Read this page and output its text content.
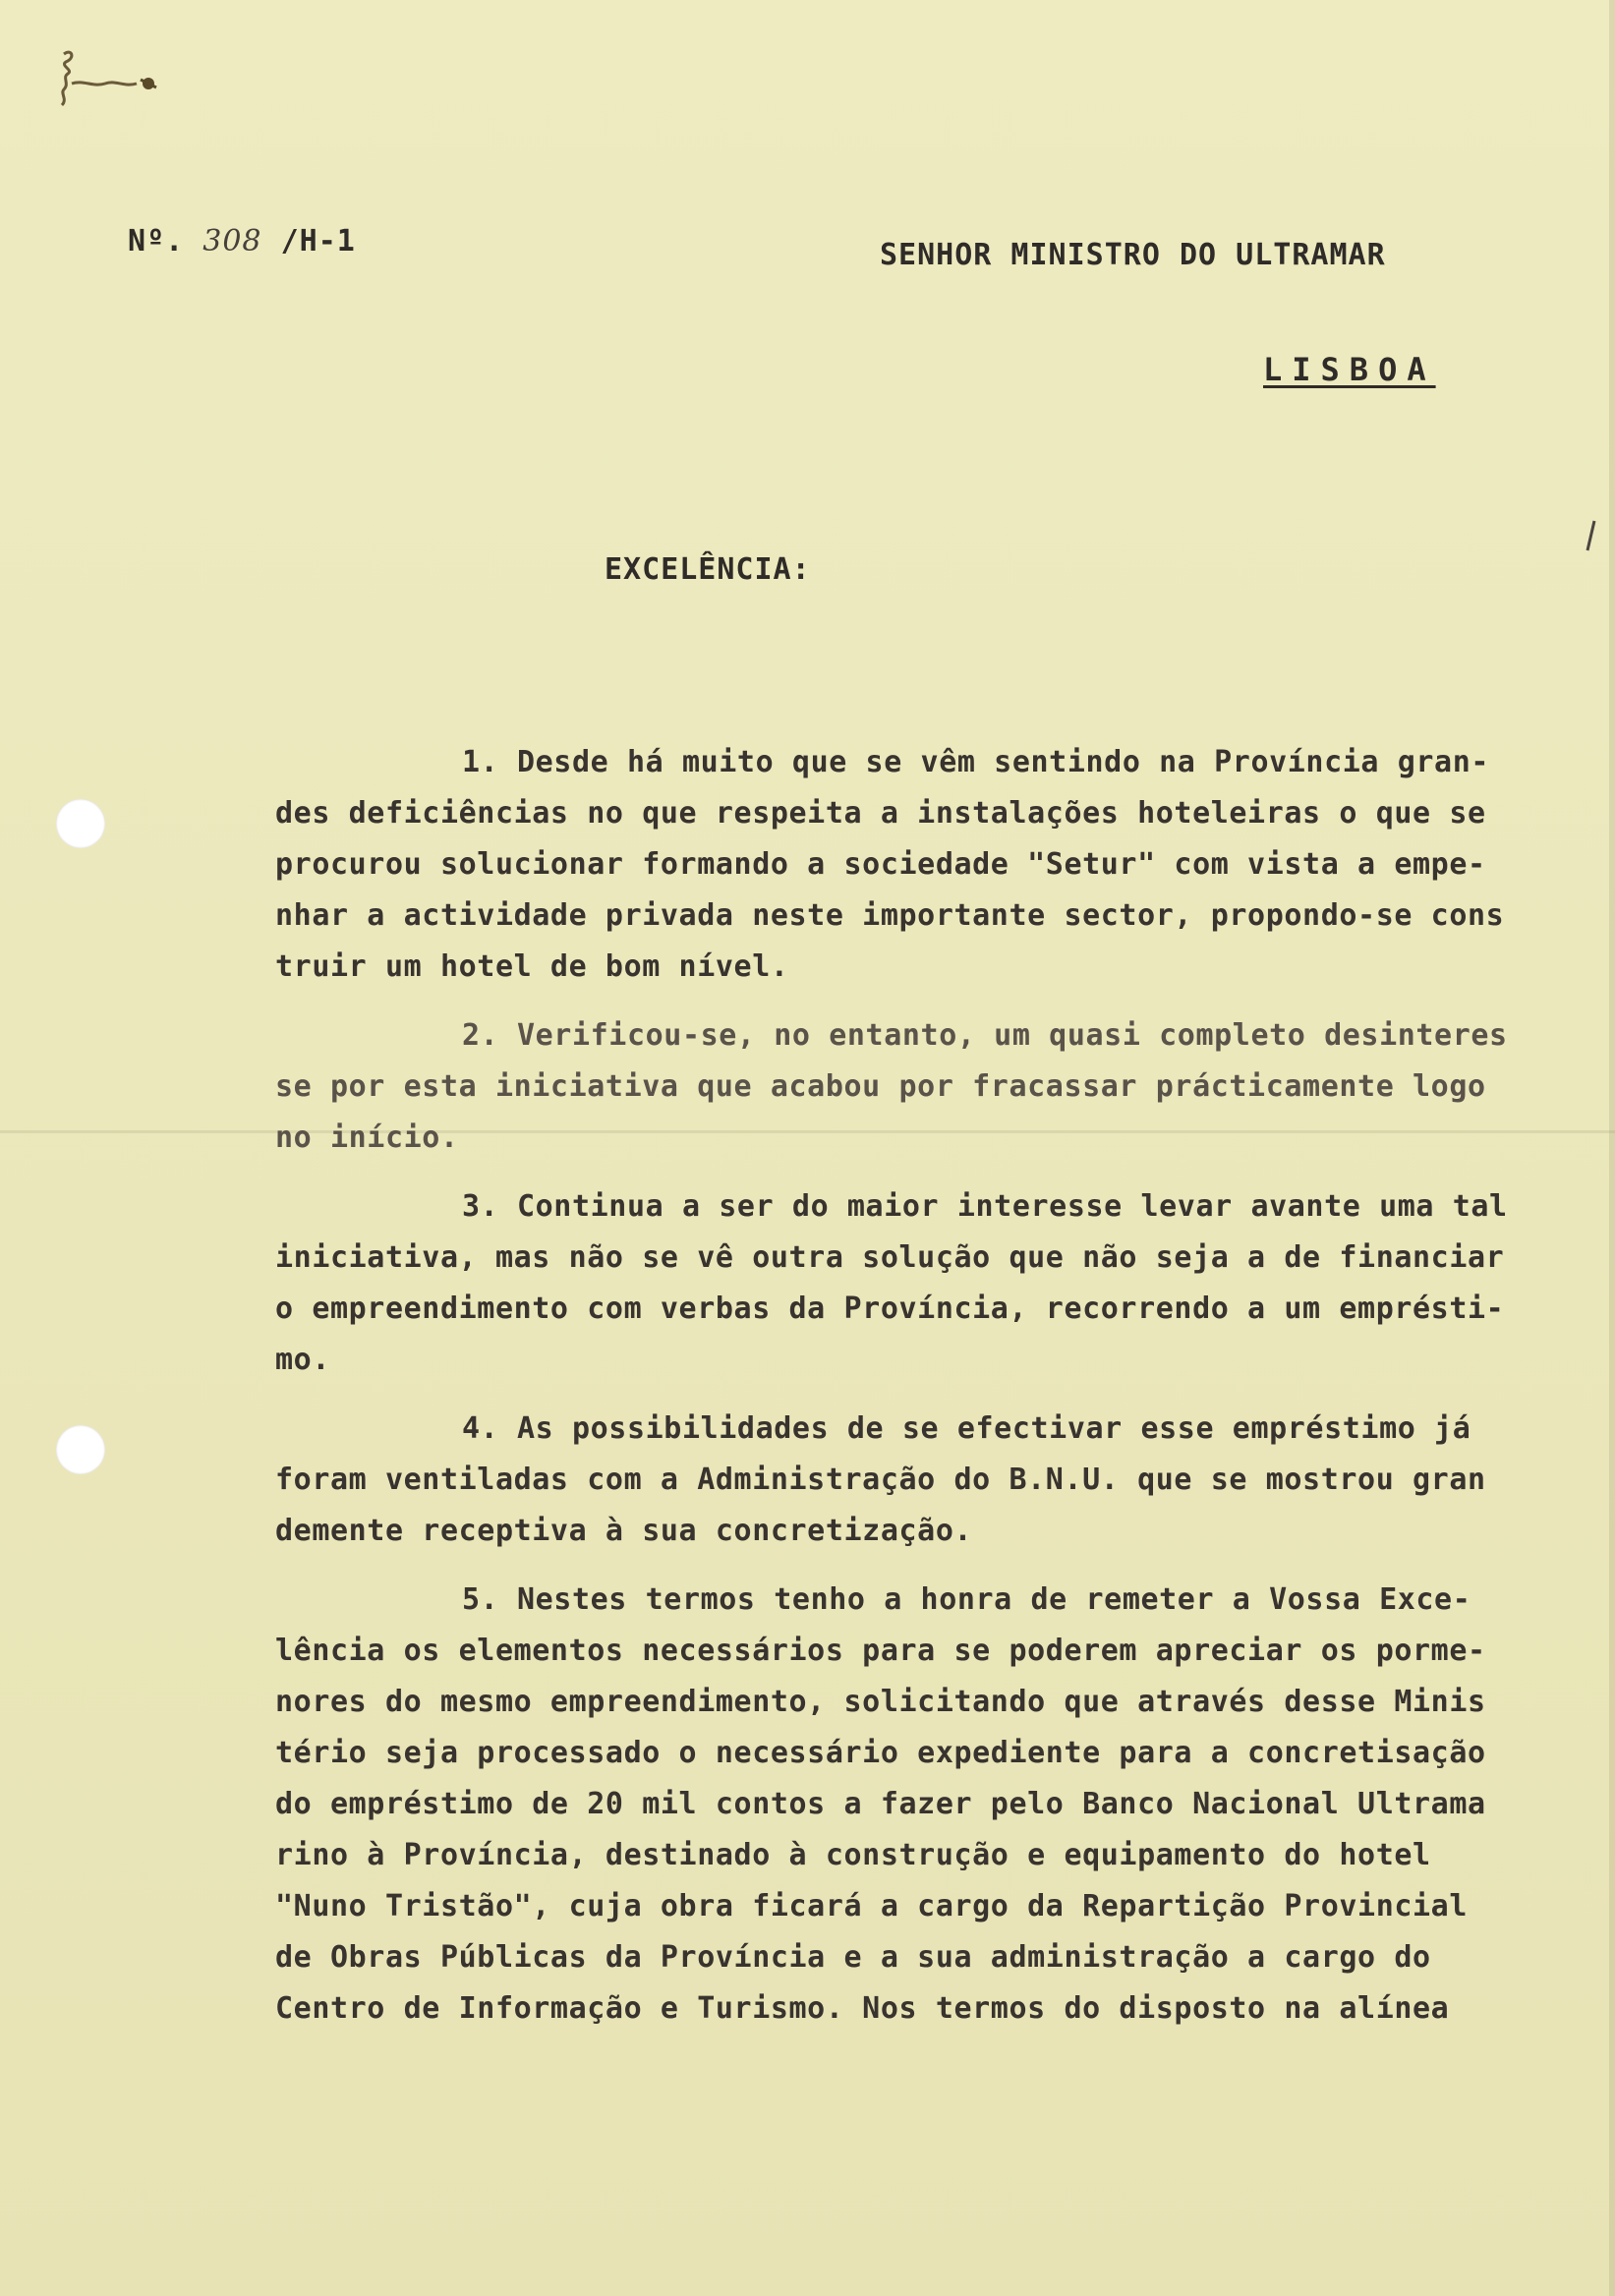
Nº. 308 /H-1	SENHOR MINISTRO DO ULTRAMAR
LISBOA
EXCELÊNCIA:
1. Desde há muito que se vêm sentindo na Província gran-
des deficiências no que respeita a instalações hoteleiras o que se
procurou solucionar formando a sociedade "Setur" com vista a empe-
nhar a actividade privada neste importante sector, propondo-se cons
truir um hotel de bom nível.
2. Verificou-se, no entanto, um quasi completo desinteres
se por esta iniciativa que acabou por fracassar prácticamente logo
no início.
3. Continua a ser do maior interesse levar avante uma tal
iniciativa, mas não se vê outra solução que não seja a de financiar
o empreendimento com verbas da Província, recorrendo a um emprésti-
mo.
4. As possibilidades de se efectivar esse empréstimo já
foram ventiladas com a Administração do B.N.U. que se mostrou gran
demente receptiva à sua concretização.
5. Nestes termos tenho a honra de remeter a Vossa Exce-
lência os elementos necessários para se poderem apreciar os porme-
nores do mesmo empreendimento, solicitando que através desse Minis
tério seja processado o necessário expediente para a concretisação
do empréstimo de 20 mil contos a fazer pelo Banco Nacional Ultrama
rino à Província, destinado à construção e equipamento do hotel
"Nuno Tristão", cuja obra ficará a cargo da Repartição Provincial
de Obras Públicas da Província e a sua administração a cargo do
Centro de Informação e Turismo. Nos termos do disposto na alínea
